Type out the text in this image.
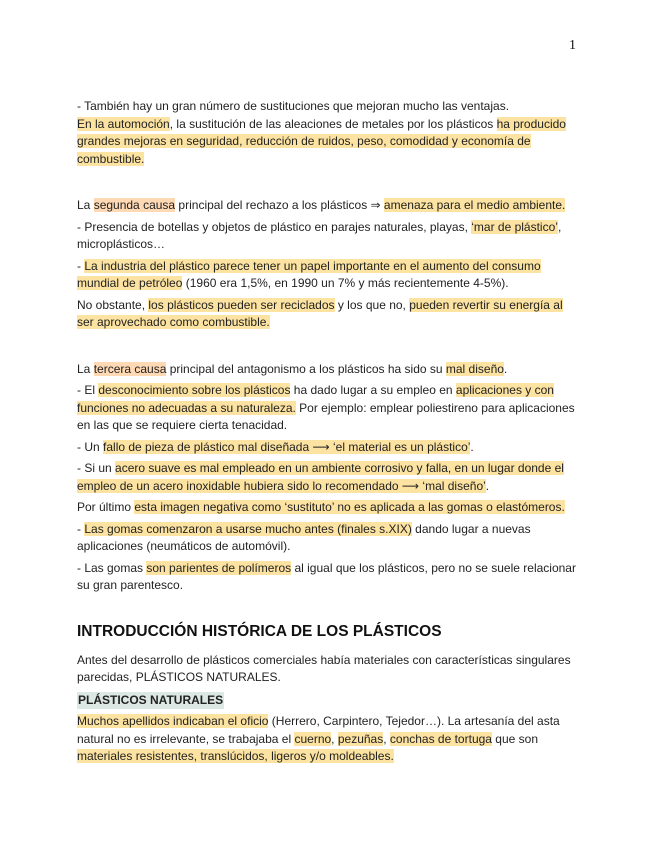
1

- También hay un gran número de sustituciones que mejoran mucho las ventajas.

En la automoción, la sustitución de las aleaciones de metales por los plásticos ha producido grandes mejoras en seguridad, reducción de ruidos, peso, comodidad y economía de combustible.

La segunda causa principal del rechazo a los plásticos ⇒ amenaza para el medio ambiente.

- Presencia de botellas y objetos de plástico en parajes naturales, playas, ‘mar de plástico’, microplásticos…

- La industria del plástico parece tener un papel importante en el aumento del consumo mundial de petróleo (1960 era 1,5%, en 1990 un 7% y más recientemente 4-5%).

No obstante, los plásticos pueden ser reciclados y los que no, pueden revertir su energía al ser aprovechado como combustible.

La tercera causa principal del antagonismo a los plásticos ha sido su mal diseño.

- El desconocimiento sobre los plásticos ha dado lugar a su empleo en aplicaciones y con funciones no adecuadas a su naturaleza. Por ejemplo: emplear poliestireno para aplicaciones en las que se requiere cierta tenacidad.

- Un fallo de pieza de plástico mal diseñada ⟶ ‘el material es un plástico’.

- Si un acero suave es mal empleado en un ambiente corrosivo y falla, en un lugar donde el empleo de un acero inoxidable hubiera sido lo recomendado ⟶ ‘mal diseño’.

Por último esta imagen negativa como ‘sustituto’ no es aplicada a las gomas o elastómeros.

- Las gomas comenzaron a usarse mucho antes (finales s.XIX) dando lugar a nuevas aplicaciones (neumáticos de automóvil).

- Las gomas son parientes de polímeros al igual que los plásticos, pero no se suele relacionar su gran parentesco.

INTRODUCCIÓN HISTÓRICA DE LOS PLÁSTICOS

Antes del desarrollo de plásticos comerciales había materiales con características singulares parecidas, PLÁSTICOS NATURALES.

PLÁSTICOS NATURALES

Muchos apellidos indicaban el oficio (Herrero, Carpintero, Tejedor…). La artesanía del asta natural no es irrelevante, se trabajaba el cuerno, pezuñas, conchas de tortuga que son materiales resistentes, translúcidos, ligeros y/o moldeables.
